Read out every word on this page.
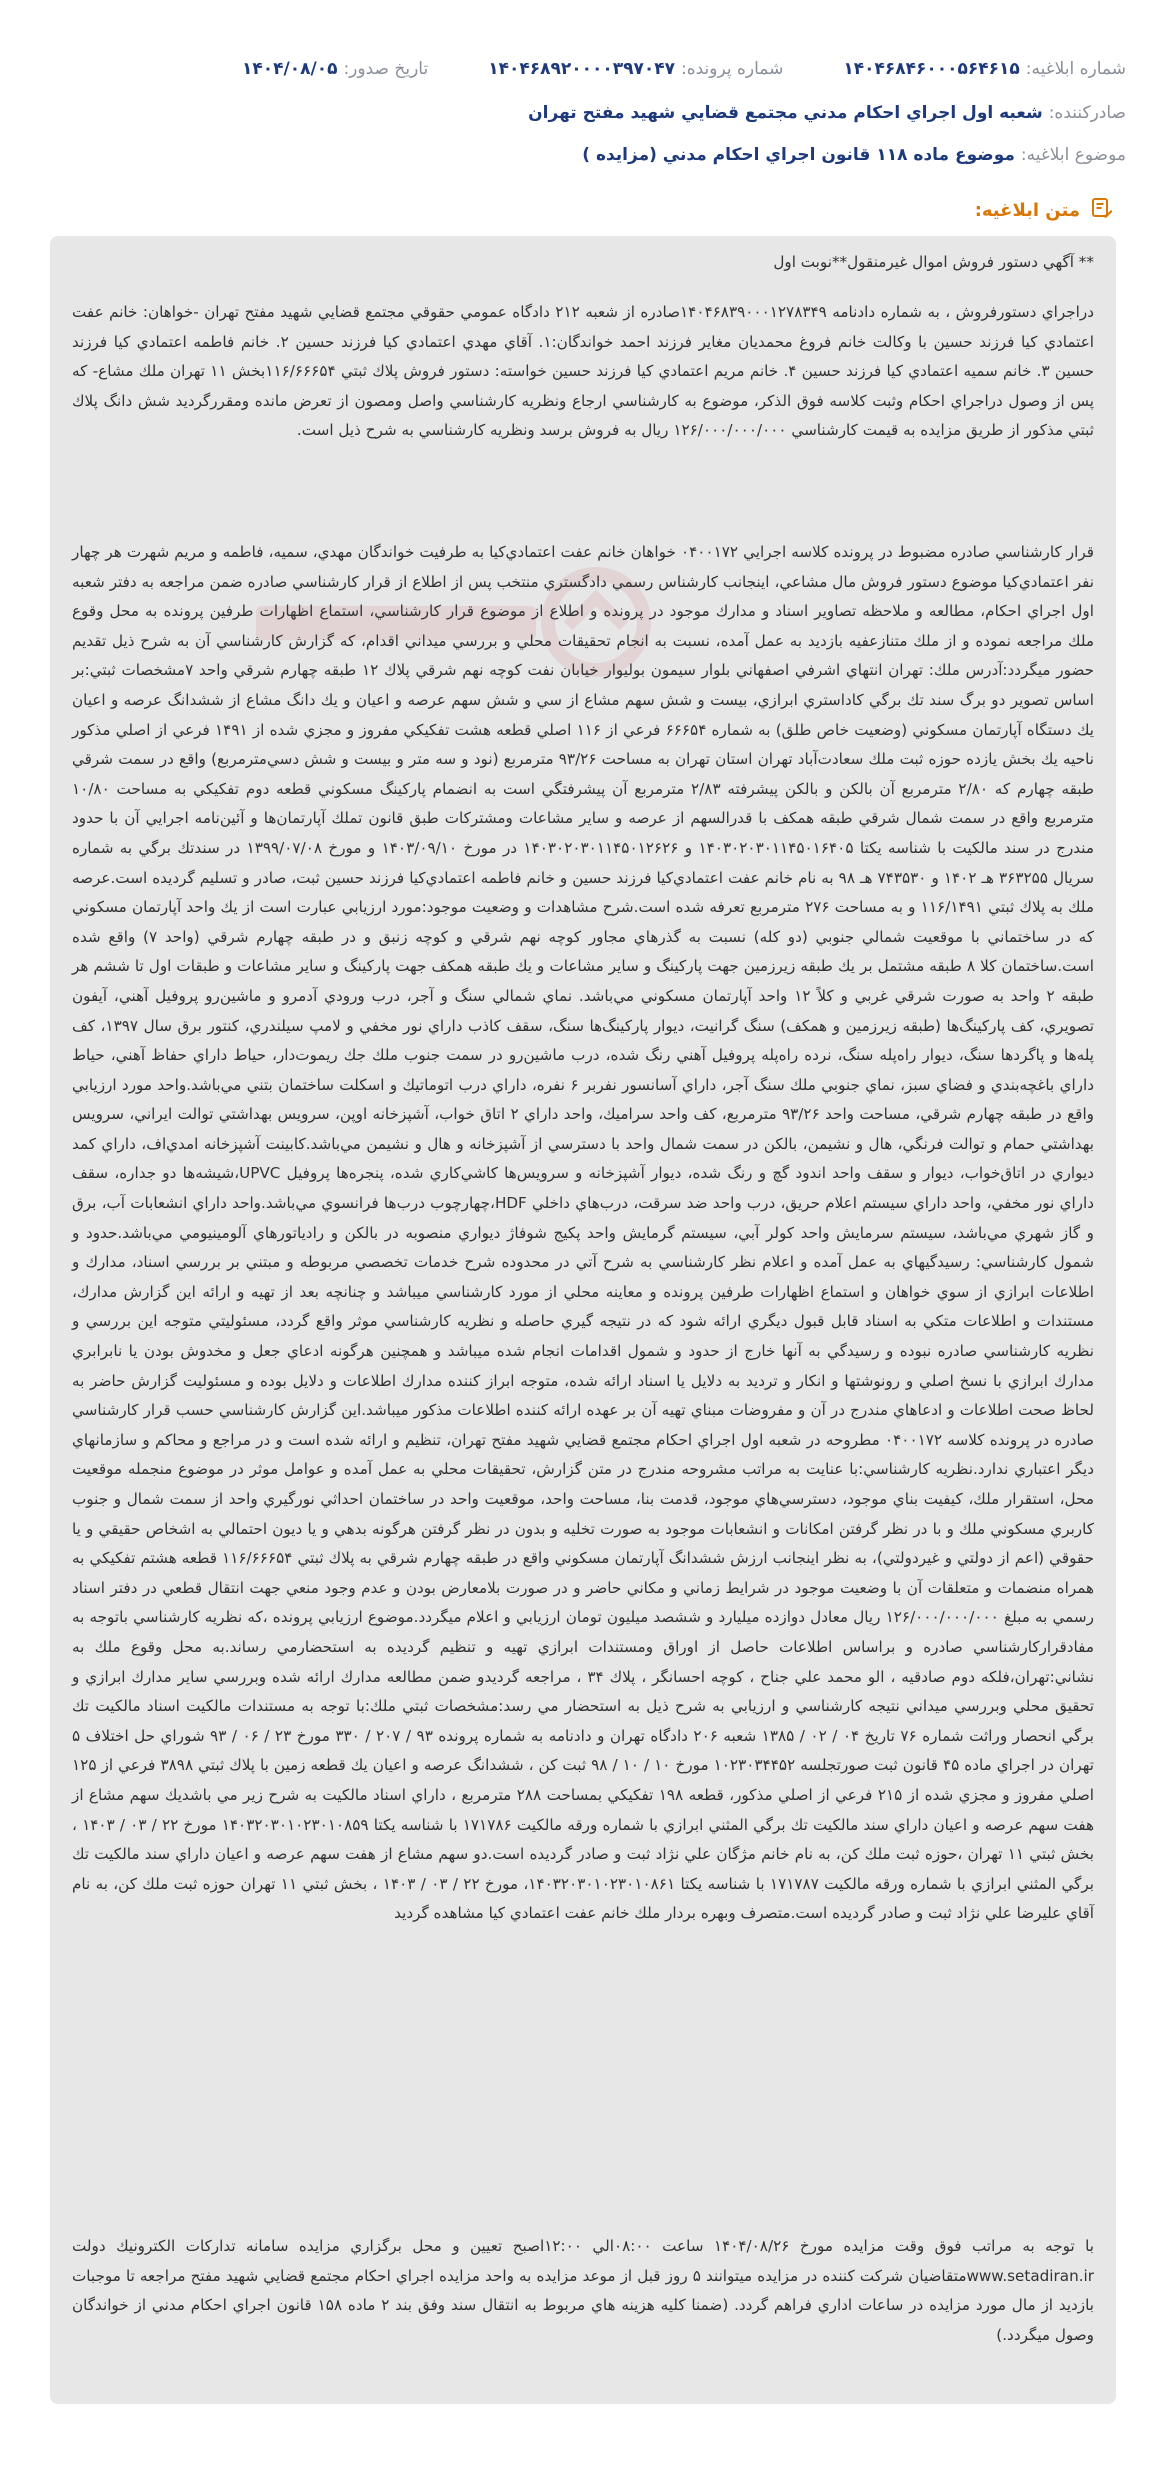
شماره ابلاغیه:
۱۴۰۴۶۸۴۶۰۰۰۵۶۴۶۱۵
شماره پرونده:
۱۴۰۴۶۸۹۲۰۰۰۰۳۹۷۰۴۷
تاریخ صدور:
۱۴۰۴/۰۸/۰۵
صادرکننده:
شعبه اول اجراي احكام مدني مجتمع قضايي شهيد مفتح تهران
موضوع ابلاغیه:
موضوع ماده ۱۱۸ قانون اجراي احكام مدني (مزايده )
متن ابلاغیه:

** آگهي دستور فروش اموال غيرمنقول**نوبت اول

دراجراي دستورفروش ، به شماره دادنامه ۱۴۰۴۶۸۳۹۰۰۰۱۲۷۸۳۴۹صادره از شعبه ۲۱۲ دادگاه عمومي حقوقي مجتمع قضايي شهيد مفتح تهران -خواهان: خانم عفت اعتمادي كيا فرزند حسين با وكالت خانم فروغ محمديان مغاير فرزند احمد خواندگان:۱. آقاي مهدي اعتمادي كيا فرزند حسين ۲. خانم فاطمه اعتمادي كيا فرزند حسين ۳. خانم سميه اعتمادي كيا فرزند حسين ۴. خانم مريم اعتمادي كيا فرزند حسين خواسته: دستور فروش پلاك ثبتي ۱۱۶/۶۶۶۵۴بخش ۱۱ تهران ملك مشاع- كه پس از وصول دراجراي احكام وثبت كلاسه فوق الذكر، موضوع به كارشناسي ارجاع ونظريه كارشناسي واصل ومصون از تعرض مانده ومقررگرديد شش دانگ پلاك ثبتي مذكور از طريق مزايده به قيمت كارشناسي ۱۲۶/۰۰۰/۰۰۰/۰۰۰ ريال به فروش برسد ونظريه كارشناسي به شرح ذيل است.

قرار كارشناسي صادره مضبوط در پرونده كلاسه اجرايي ۰۴۰۰۱۷۲ خواهان خانم عفت اعتمادي‌كيا به طرفيت خواندگان مهدي، سميه، فاطمه و مريم شهرت هر چهار نفر اعتمادي‌كيا موضوع دستور فروش مال مشاعي، اينجانب كارشناس رسمي دادگستري منتخب پس از اطلاع از قرار كارشناسي صادره ضمن مراجعه به دفتر شعبه اول اجراي احكام، مطالعه و ملاحظه تصاوير اسناد و مدارك موجود در پرونده و اطلاع از موضوع قرار كارشناسي، استماع اظهارات طرفين پرونده به محل وقوع ملك مراجعه نموده و از ملك متنازعفيه بازديد به عمل آمده، نسبت به انجام تحقيقات محلي و بررسي ميداني اقدام، كه گزارش كارشناسي آن به شرح ذيل تقديم حضور ميگردد:آدرس ملك: تهران انتهاي اشرفي اصفهاني بلوار سيمون بوليوار خيابان نفت كوچه نهم شرقي پلاك ۱۲ طبقه چهارم شرقي واحد ۷مشخصات ثبتي:بر اساس تصوير دو برگ سند تك برگي كاداستري ابرازي، بيست و شش سهم مشاع از سي و شش سهم عرصه و اعيان و يك دانگ مشاع از ششدانگ عرصه و اعيان يك دستگاه آپارتمان مسكوني (وضعيت خاص طلق) به شماره ۶۶۶۵۴ فرعي از ۱۱۶ اصلي قطعه هشت تفكيكي مفروز و مجزي شده از ۱۴۹۱ فرعي از اصلي مذكور ناحيه يك بخش يازده حوزه ثبت ملك سعادت‌آباد تهران استان تهران به مساحت ۹۳/۲۶ مترمربع (نود و سه متر و بيست و شش دسي‌مترمربع) واقع در سمت شرقي طبقه چهارم كه ۲/۸۰ مترمربع آن بالكن و بالكن پيشرفته ۲/۸۳ مترمربع آن پيشرفتگي است به انضمام پاركينگ مسكوني قطعه دوم تفكيكي به مساحت ۱۰/۸۰ مترمربع واقع در سمت شمال شرقي طبقه همكف با قدرالسهم از عرصه و ساير مشاعات ومشتركات طبق قانون تملك آپارتمان‌ها و آئين‌نامه اجرايي آن با حدود مندرج در سند مالكيت با شناسه يكتا ۱۴۰۳۰۲۰۳۰۱۱۴۵۰۱۶۴۰۵ و ۱۴۰۳۰۲۰۳۰۱۱۴۵۰۱۲۶۲۶ در مورخ ۱۴۰۳/۰۹/۱۰ و مورخ ۱۳۹۹/۰۷/۰۸ در سندتك برگي به شماره سريال ۳۶۳۲۵۵ هـ ۱۴۰۲ و ۷۴۳۵۳۰ هـ ۹۸ به نام خانم عفت اعتمادي‌كيا فرزند حسين و خانم فاطمه اعتمادي‌كيا فرزند حسين ثبت، صادر و تسليم گرديده است.عرصه ملك به پلاك ثبتي ۱۱۶/۱۴۹۱ و به مساحت ۲۷۶ مترمربع تعرفه شده است.شرح مشاهدات و وضعيت موجود:مورد ارزيابي عبارت است از يك واحد آپارتمان مسكوني كه در ساختماني با موقعيت شمالي جنوبي (دو كله) نسبت به گذرهاي مجاور كوچه نهم شرقي و كوچه زنبق و در طبقه چهارم شرقي (واحد ۷) واقع شده است.ساختمان كلا ۸ طبقه مشتمل بر يك طبقه زيرزمين جهت پاركينگ و ساير مشاعات و يك طبقه همكف جهت پاركينگ و ساير مشاعات و طبقات اول تا ششم هر طبقه ۲ واحد به صورت شرقي غربي و كلاً ۱۲ واحد آپارتمان مسكوني مي‌باشد. نماي شمالي سنگ و آجر، درب ورودي آدمرو و ماشين‌رو پروفيل آهني، آيفون تصويري، كف پاركينگ‌ها (طبقه زيرزمين و همكف) سنگ گرانيت، ديوار پاركينگ‌ها سنگ، سقف كاذب داراي نور مخفي و لامپ سيلندري، كنتور برق سال ۱۳۹۷، كف پله‌ها و پاگردها سنگ، ديوار راه‌پله سنگ، نرده راه‌پله پروفيل آهني رنگ شده، درب ماشين‌رو در سمت جنوب ملك جك ريموت‌دار، حياط داراي حفاظ آهني، حياط داراي باغچه‌بندي و فضاي سبز، نماي جنوبي ملك سنگ آجر، داراي آسانسور نفربر ۶ نفره، داراي درب اتوماتيك و اسكلت ساختمان بتني مي‌باشد.واحد مورد ارزيابي واقع در طبقه چهارم شرقي، مساحت واحد ۹۳/۲۶ مترمربع، كف واحد سراميك، واحد داراي ۲ اتاق خواب، آشپزخانه اوپن، سرويس بهداشتي توالت ايراني، سرويس بهداشتي حمام و توالت فرنگي، هال و نشيمن، بالكن در سمت شمال واحد با دسترسي از آشپزخانه و هال و نشيمن مي‌باشد.كابينت آشپزخانه امدي‌اف، داراي كمد ديواري در اتاق‌خواب، ديوار و سقف واحد اندود گچ و رنگ شده، ديوار آشپزخانه و سرويس‌ها كاشي‌كاري شده، پنجره‌ها پروفيل UPVC،شيشه‌ها دو جداره، سقف داراي نور مخفي، واحد داراي سيستم اعلام حريق، درب واحد ضد سرقت، درب‌هاي داخلي HDF،چهارچوب درب‌ها فرانسوي مي‌باشد.واحد داراي انشعابات آب، برق و گاز شهري مي‌باشد، سيستم سرمايش واحد كولر آبي، سيستم گرمايش واحد پكيج شوفاژ ديواري منصوبه در بالكن و رادياتورهاي آلومينيومي مي‌باشد.حدود و شمول كارشناسي: رسيدگيهاي به عمل آمده و اعلام نظر كارشناسي به شرح آتي در محدوده شرح خدمات تخصصي مربوطه و مبتني بر بررسي اسناد، مدارك و اطلاعات ابرازي از سوي خواهان و استماع اظهارات طرفين پرونده و معاينه محلي از مورد كارشناسي ميباشد و چنانچه بعد از تهيه و ارائه اين گزارش مدارك، مستندات و اطلاعات متكي به اسناد قابل قبول ديگري ارائه شود كه در نتيجه گيري حاصله و نظريه كارشناسي موثر واقع گردد، مسئوليتي متوجه اين بررسي و نظريه كارشناسي صادره نبوده و رسيدگي به آنها خارج از حدود و شمول اقدامات انجام شده ميباشد و همچنين هرگونه ادعاي جعل و مخدوش بودن يا نابرابري مدارك ابرازي با نسخ اصلي و رونوشتها و انكار و ترديد به دلايل يا اسناد ارائه شده، متوجه ابراز كننده مدارك اطلاعات و دلايل بوده و مسئوليت گزارش حاضر به لحاظ صحت اطلاعات و ادعاهاي مندرج در آن و مفروضات مبناي تهيه آن بر عهده ارائه كننده اطلاعات مذكور ميباشد.اين گزارش كارشناسي حسب قرار كارشناسي صادره در پرونده كلاسه ۰۴۰۰۱۷۲ مطروحه در شعبه اول اجراي احكام مجتمع قضايي شهيد مفتح تهران، تنظيم و ارائه شده است و در مراجع و محاكم و سازمانهاي ديگر اعتباري ندارد.نظريه كارشناسي:با عنايت به مراتب مشروحه مندرج در متن گزارش، تحقيقات محلي به عمل آمده و عوامل موثر در موضوع منجمله موقعيت محل، استقرار ملك، كيفيت بناي موجود، دسترسي‌هاي موجود، قدمت بنا، مساحت واحد، موقعيت واحد در ساختمان احداثي نورگيري واحد از سمت شمال و جنوب كاربري مسكوني ملك و با در نظر گرفتن امكانات و انشعابات موجود به صورت تخليه و بدون در نظر گرفتن هرگونه بدهي و يا ديون احتمالي به اشخاص حقيقي و يا حقوقي (اعم از دولتي و غيردولتي)، به نظر اينجانب ارزش ششدانگ آپارتمان مسكوني واقع در طبقه چهارم شرقي به پلاك ثبتي ۱۱۶/۶۶۶۵۴ قطعه هشتم تفكيكي به همراه منضمات و متعلقات آن با وضعيت موجود در شرايط زماني و مكاني حاضر و در صورت بلامعارض بودن و عدم وجود منعي جهت انتقال قطعي در دفتر اسناد رسمي به مبلغ ۱۲۶/۰۰۰/۰۰۰/۰۰۰ ريال معادل دوازده ميليارد و ششصد ميليون تومان ارزيابي و اعلام ميگردد.موضوع ارزيابي پرونده ،كه نظريه كارشناسي باتوجه به مفادقراركارشناسي صادره و براساس اطلاعات حاصل از اوراق ومستندات ابرازي تهيه و تنظيم گرديده به استحضارمي رساند.به محل وقوع ملك به نشاني:تهران،فلكه دوم صادقيه ، الو محمد علي جناح ، كوچه احسانگر ، پلاك ۳۴ ، مراجعه گرديدو ضمن مطالعه مدارك ارائه شده وبررسي ساير مدارك ابرازي و تحقيق محلي وبررسي ميداني نتيجه كارشناسي و ارزيابي به شرح ذيل به استحضار مي رسد:مشخصات ثبتي ملك:با توجه به مستندات مالكيت اسناد مالكيت تك برگي انحصار وراثت شماره ۷۶ تاريخ ۰۴ / ۰۲ / ۱۳۸۵ شعبه ۲۰۶ دادگاه تهران و دادنامه به شماره پرونده ۹۳ / ۲۰۷ / ۳۳۰ مورخ ۲۳ / ۰۶ / ۹۳ شوراي حل اختلاف ۵ تهران در اجراي ماده ۴۵ قانون ثبت صورتجلسه ۱۰۲۳۰۳۴۴۵۲ مورخ ۱۰ / ۱۰ / ۹۸ ثبت كن ، ششدانگ عرصه و اعيان يك قطعه زمين با پلاك ثبتي ۳۸۹۸ فرعي از ۱۲۵ اصلي مفروز و مجزي شده از ۲۱۵ فرعي از اصلي مذكور، قطعه ۱۹۸ تفكيكي بمساحت ۲۸۸ مترمربع ، داراي اسناد مالكيت به شرح زير مي باشديك سهم مشاع از هفت سهم عرصه و اعيان داراي سند مالكيت تك برگي المثني ابرازي با شماره ورقه مالكيت ۱۷۱۷۸۶ با شناسه يكتا ۱۴۰۳۲۰۳۰۱۰۲۳۰۱۰۸۵۹ مورخ ۲۲ / ۰۳ / ۱۴۰۳ ، بخش ثبتي ۱۱ تهران ،حوزه ثبت ملك كن، به نام خانم مژگان علي نژاد ثبت و صادر گرديده است.دو سهم مشاع از هفت سهم عرصه و اعيان داراي سند مالكيت تك برگي المثني ابرازي با شماره ورقه مالكيت ۱۷۱۷۸۷ با شناسه يكتا ۱۴۰۳۲۰۳۰۱۰۲۳۰۱۰۸۶۱، مورخ ۲۲ / ۰۳ / ۱۴۰۳ ، بخش ثبتي ۱۱ تهران حوزه ثبت ملك كن، به نام آقاي عليرضا علي نژاد ثبت و صادر گرديده است.متصرف وبهره بردار ملك خانم عفت اعتمادي كيا مشاهده گرديد

با توجه به مراتب فوق وقت مزايده مورخ ۱۴۰۴/۰۸/۲۶ ساعت ۰۸:۰۰الي ۱۲:۰۰اصبح تعيين و محل برگزاري مزايده سامانه تداركات الكترونيك دولت www.setadiran.irمتقاضيان شركت كننده در مزايده ميتوانند ۵ روز قبل از موعد مزايده به واحد مزايده اجراي احكام مجتمع قضايي شهيد مفتح مراجعه تا موجبات بازديد از مال مورد مزايده در ساعات اداري فراهم گردد. (ضمنا كليه هزينه هاي مربوط به انتقال سند وفق بند ۲ ماده ۱۵۸ قانون اجراي احكام مدني از خواندگان وصول ميگردد.)
